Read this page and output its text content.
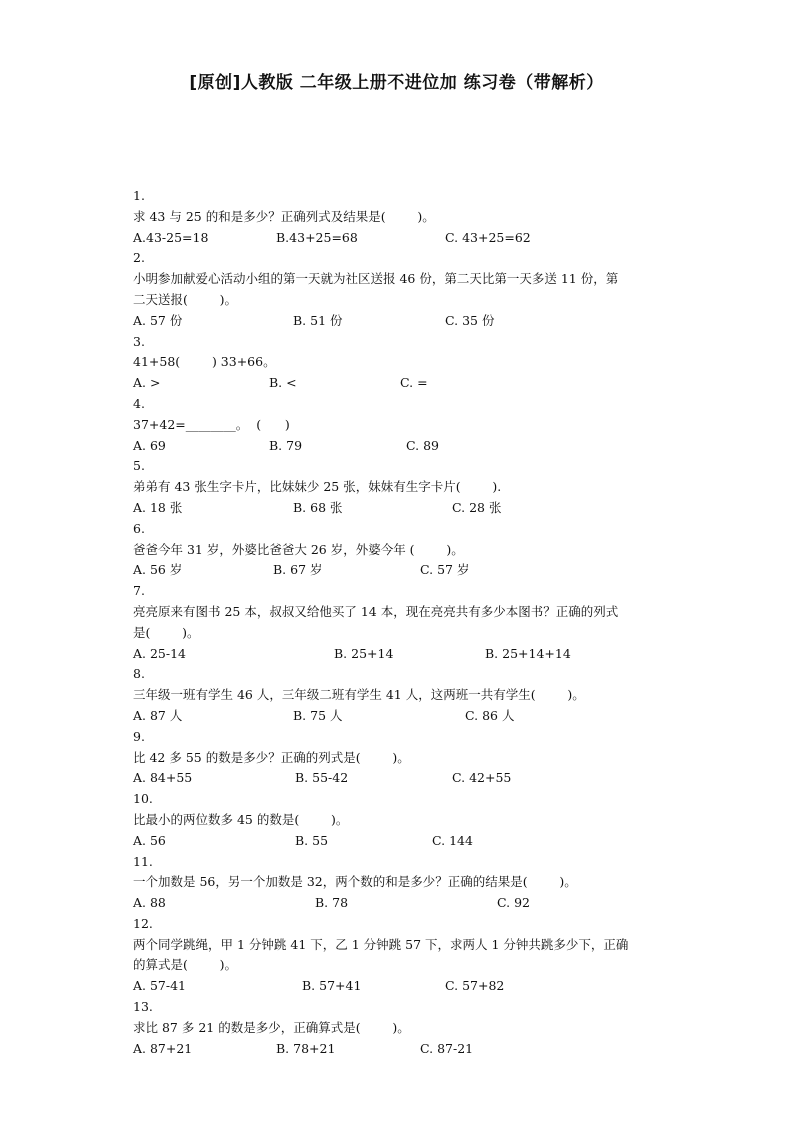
[原创]人教版 二年级上册不进位加 练习卷（带解析）
1.
求 43 与 25 的和是多少？正确列式及结果是(        )。
A.43-25=18	B.43+25=68	C. 43+25=62
2.
小明参加献爱心活动小组的第一天就为社区送报 46 份，第二天比第一天多送 11 份，第
二天送报(        )。
A. 57 份	B. 51 份	C. 35 份
3.
41+58(        ) 33+66。
A. >	B. <	C. =
4.
37+42=________。  (      )
A. 69	B. 79	C. 89
5.
弟弟有 43 张生字卡片，比妹妹少 25 张，妹妹有生字卡片(        ).
A. 18 张	B. 68 张	C. 28 张
6.
爸爸今年 31 岁，外婆比爸爸大 26 岁，外婆今年 (        )。
A. 56 岁	B. 67 岁	C. 57 岁
7.
亮亮原来有图书 25 本，叔叔又给他买了 14 本，现在亮亮共有多少本图书？正确的列式
是(        )。
A. 25-14	B. 25+14	B. 25+14+14
8.
三年级一班有学生 46 人，三年级二班有学生 41 人，这两班一共有学生(        )。
A. 87 人	B. 75 人	C. 86 人
9.
比 42 多 55 的数是多少？正确的列式是(        )。
A. 84+55	B. 55-42	C. 42+55
10.
比最小的两位数多 45 的数是(        )。
A. 56	B. 55	C. 144
11.
一个加数是 56，另一个加数是 32，两个数的和是多少？正确的结果是(        )。
A. 88	B. 78	C. 92
12.
两个同学跳绳，甲 1 分钟跳 41 下，乙 1 分钟跳 57 下，求两人 1 分钟共跳多少下，正确
的算式是(        )。
A. 57-41	B. 57+41	C. 57+82
13.
求比 87 多 21 的数是多少，正确算式是(        )。
A. 87+21	B. 78+21	C. 87-21
